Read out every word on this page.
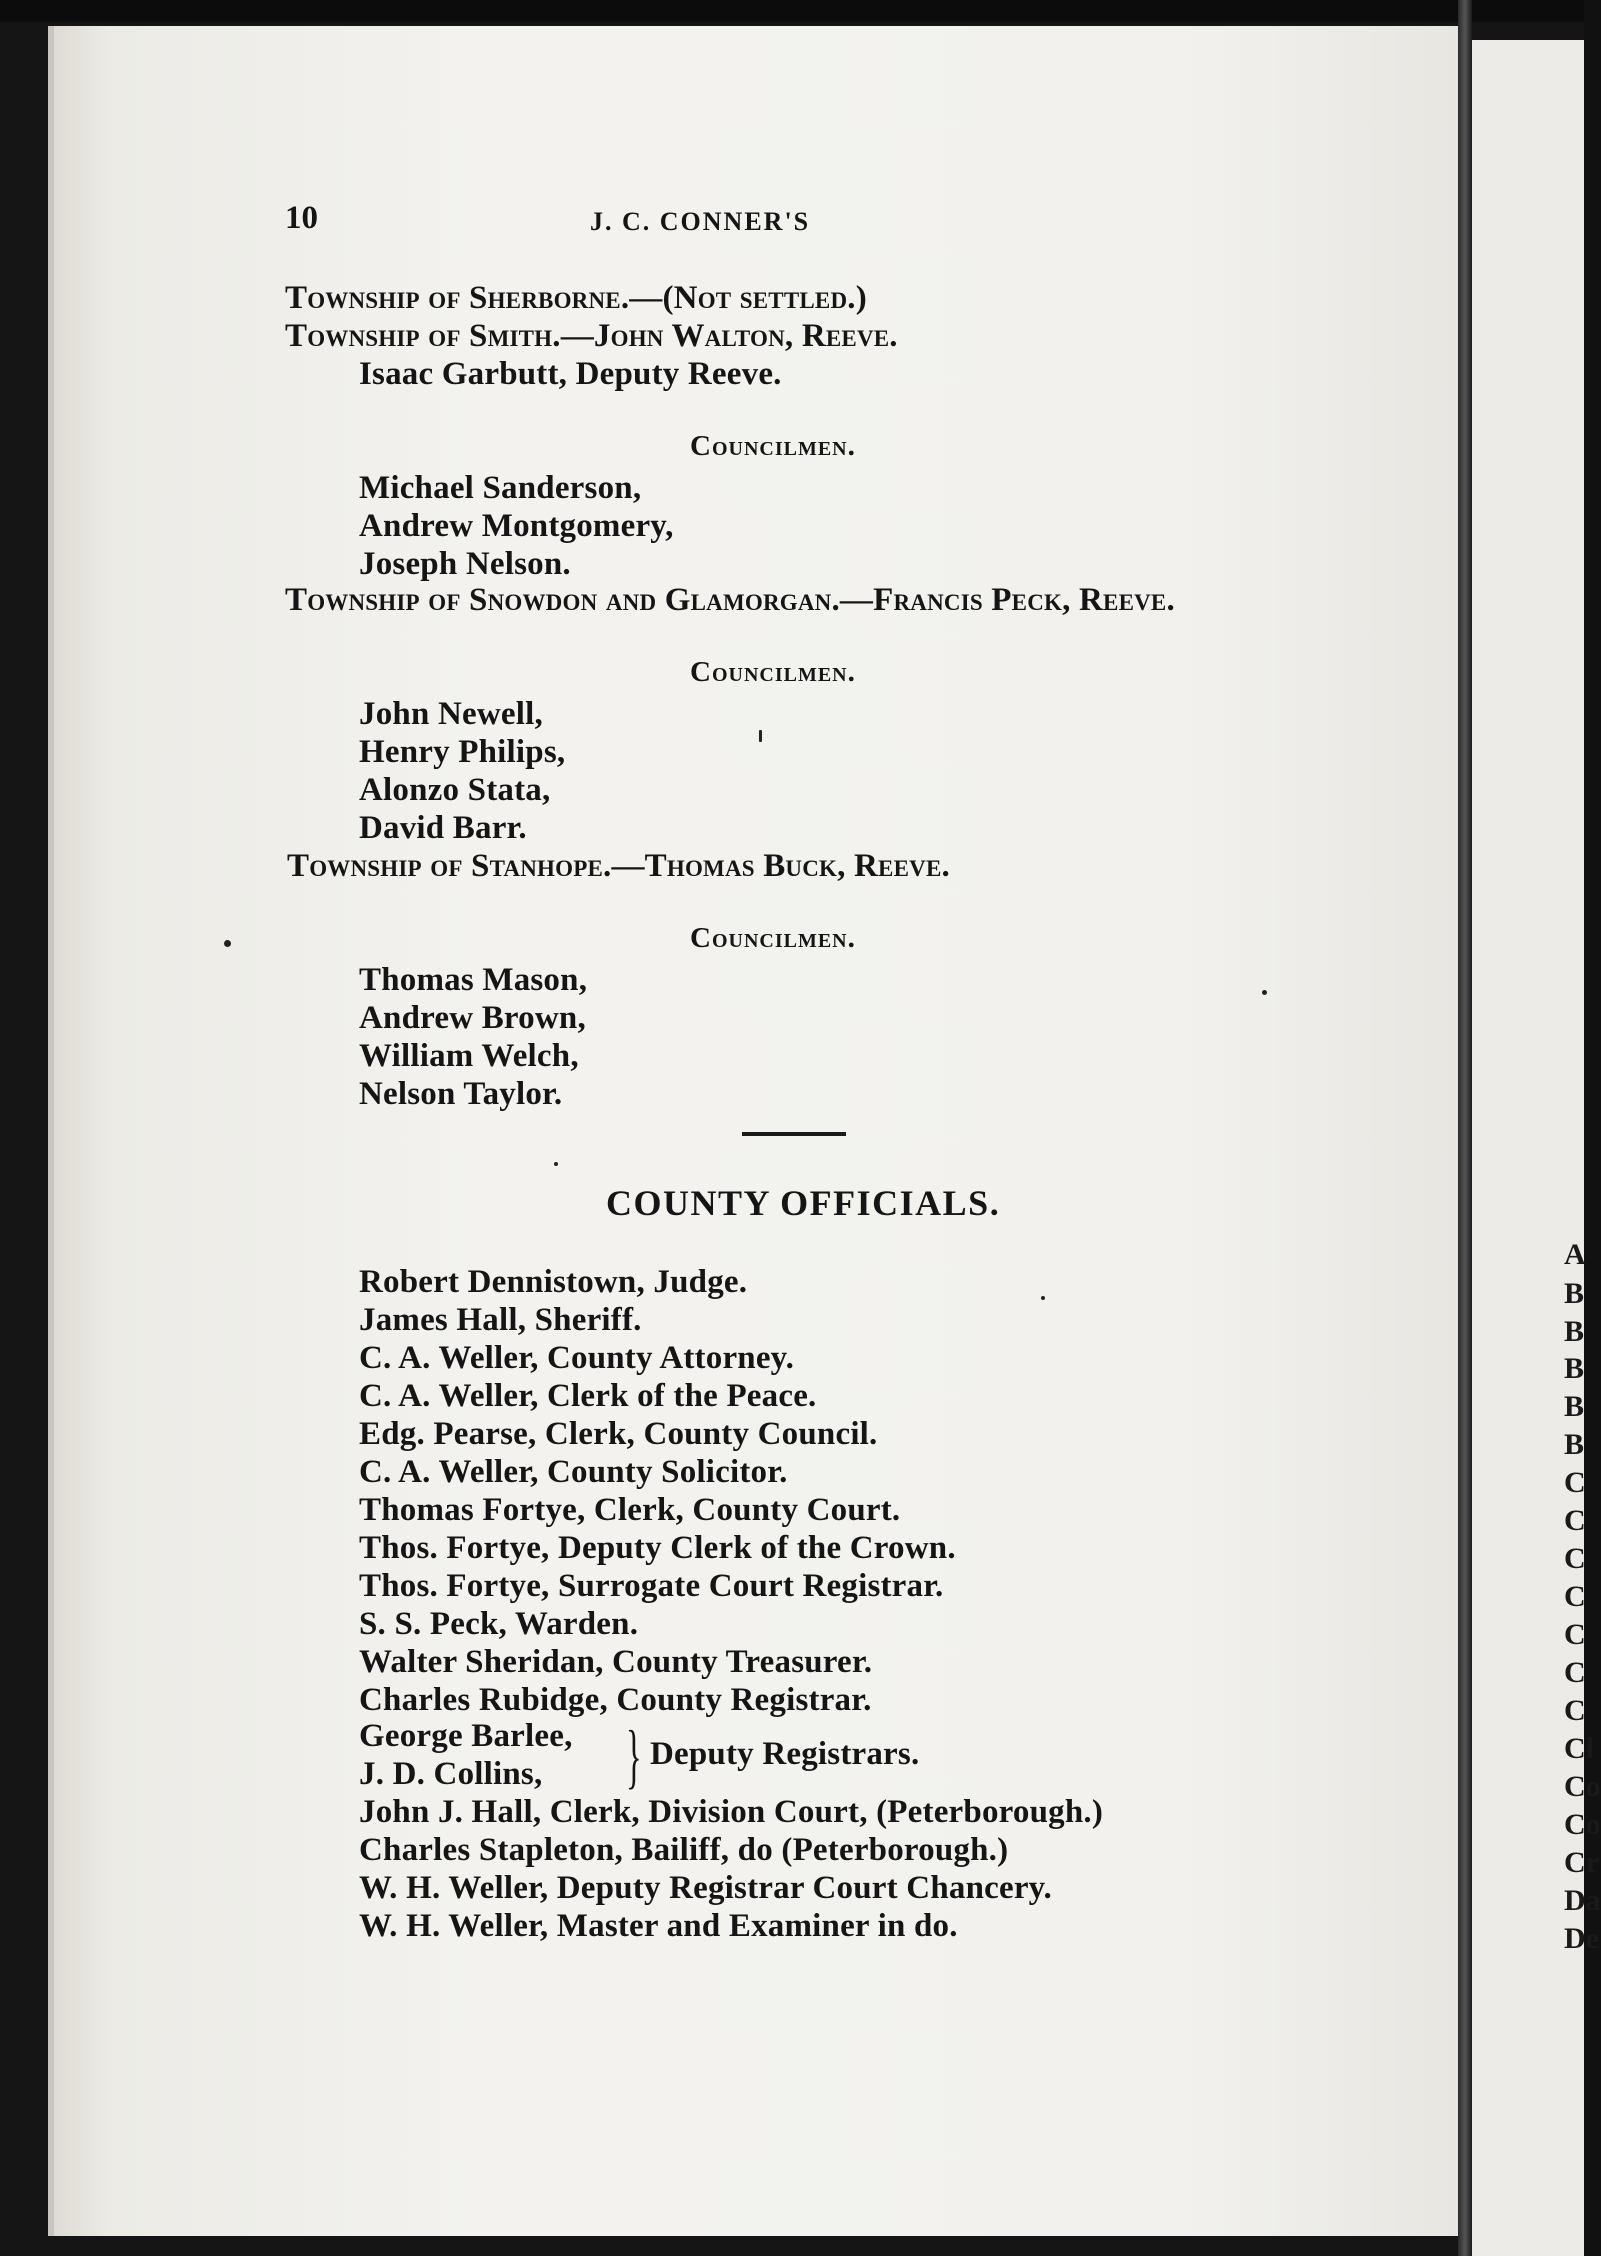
A
B
B
B
B
B
C
C
C
C
C
C
C
Cl
Co
Co
Cr
Da
De
10	J. C. CONNER'S
Township of Sherborne.—(Not settled.)
Township of Smith.—John Walton, Reeve.
Isaac Garbutt, Deputy Reeve.
Councilmen.
Michael Sanderson,
Andrew Montgomery,
Joseph Nelson.
Township of Snowdon and Glamorgan.—Francis Peck, Reeve.
Councilmen.
John Newell,
Henry Philips,
Alonzo Stata,
David Barr.
Township of Stanhope.—Thomas Buck, Reeve.
Councilmen.
Thomas Mason,
Andrew Brown,
William Welch,
Nelson Taylor.
COUNTY OFFICIALS.
Robert Dennistown, Judge.
James Hall, Sheriff.
C. A. Weller, County Attorney.
C. A. Weller, Clerk of the Peace.
Edg. Pearse, Clerk, County Council.
C. A. Weller, County Solicitor.
Thomas Fortye, Clerk, County Court.
Thos. Fortye, Deputy Clerk of the Crown.
Thos. Fortye, Surrogate Court Registrar.
S. S. Peck, Warden.
Walter Sheridan, County Treasurer.
Charles Rubidge, County Registrar.
George Barlee,
J. D. Collins, } Deputy Registrars.
John J. Hall, Clerk, Division Court, (Peterborough.)
Charles Stapleton, Bailiff, do (Peterborough.)
W. H. Weller, Deputy Registrar Court Chancery.
W. H. Weller, Master and Examiner in do.
